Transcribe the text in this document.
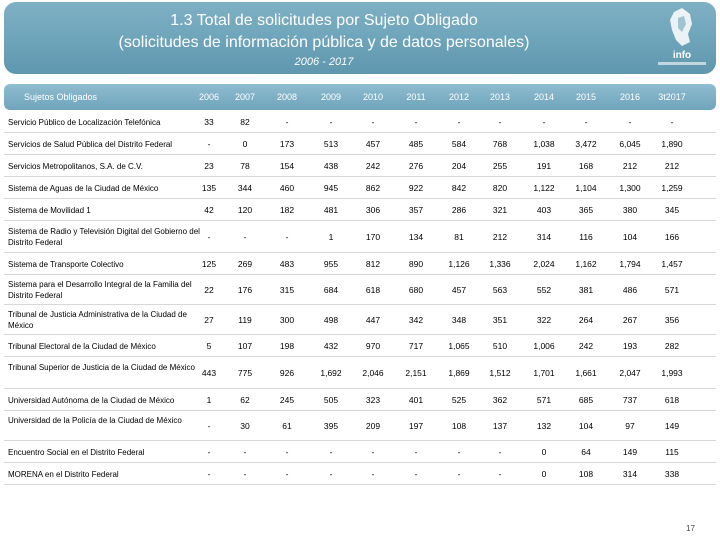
1.3 Total de solicitudes por Sujeto Obligado
(solicitudes de información pública y de datos personales)
2006 - 2017
info
Sujetos Obligados	2006	2007	2008	2009	2010	2011	2012	2013	2014	2015	2016	3t2017
Servicio Público de Localización Telefónica	33	82	-	-	-	-	-	-	-	-	-	-
Servicios de Salud Pública del Distrito Federal	-	0	173	513	457	485	584	768	1,038	3,472	6,045	1,890
Servicios Metropolitanos, S.A. de C.V.	23	78	154	438	242	276	204	255	191	168	212	212
Sistema de Aguas de la Ciudad de México	135	344	460	945	862	922	842	820	1,122	1,104	1,300	1,259
Sistema de Movilidad 1	42	120	182	481	306	357	286	321	403	365	380	345
Sistema de Radio y Televisión Digital del Gobierno del Distrito Federal
-	-	-	1	170	134	81	212	314	116	104	166
Sistema de Transporte Colectivo	125	269	483	955	812	890	1,126	1,336	2,024	1,162	1,794	1,457
Sistema para el Desarrollo Integral de la Familia del Distrito Federal
22	176	315	684	618	680	457	563	552	381	486	571
Tribunal de Justicia Administrativa de la Ciudad de México
27	119	300	498	447	342	348	351	322	264	267	356
Tribunal Electoral de la Ciudad de México	5	107	198	432	970	717	1,065	510	1,006	242	193	282
Tribunal Superior de Justicia de la Ciudad de México
443	775	926	1,692	2,046	2,151	1,869	1,512	1,701	1,661	2,047	1,993
Universidad Autónoma de la Ciudad de México	1	62	245	505	323	401	525	362	571	685	737	618
Universidad de la Policía de la Ciudad de México
-	30	61	395	209	197	108	137	132	104	97	149
Encuentro Social en el Distrito Federal	-	-	-	-	-	-	-	-	0	64	149	115
MORENA en el Distrito Federal	-	-	-	-	-	-	-	-	0	108	314	338
17
